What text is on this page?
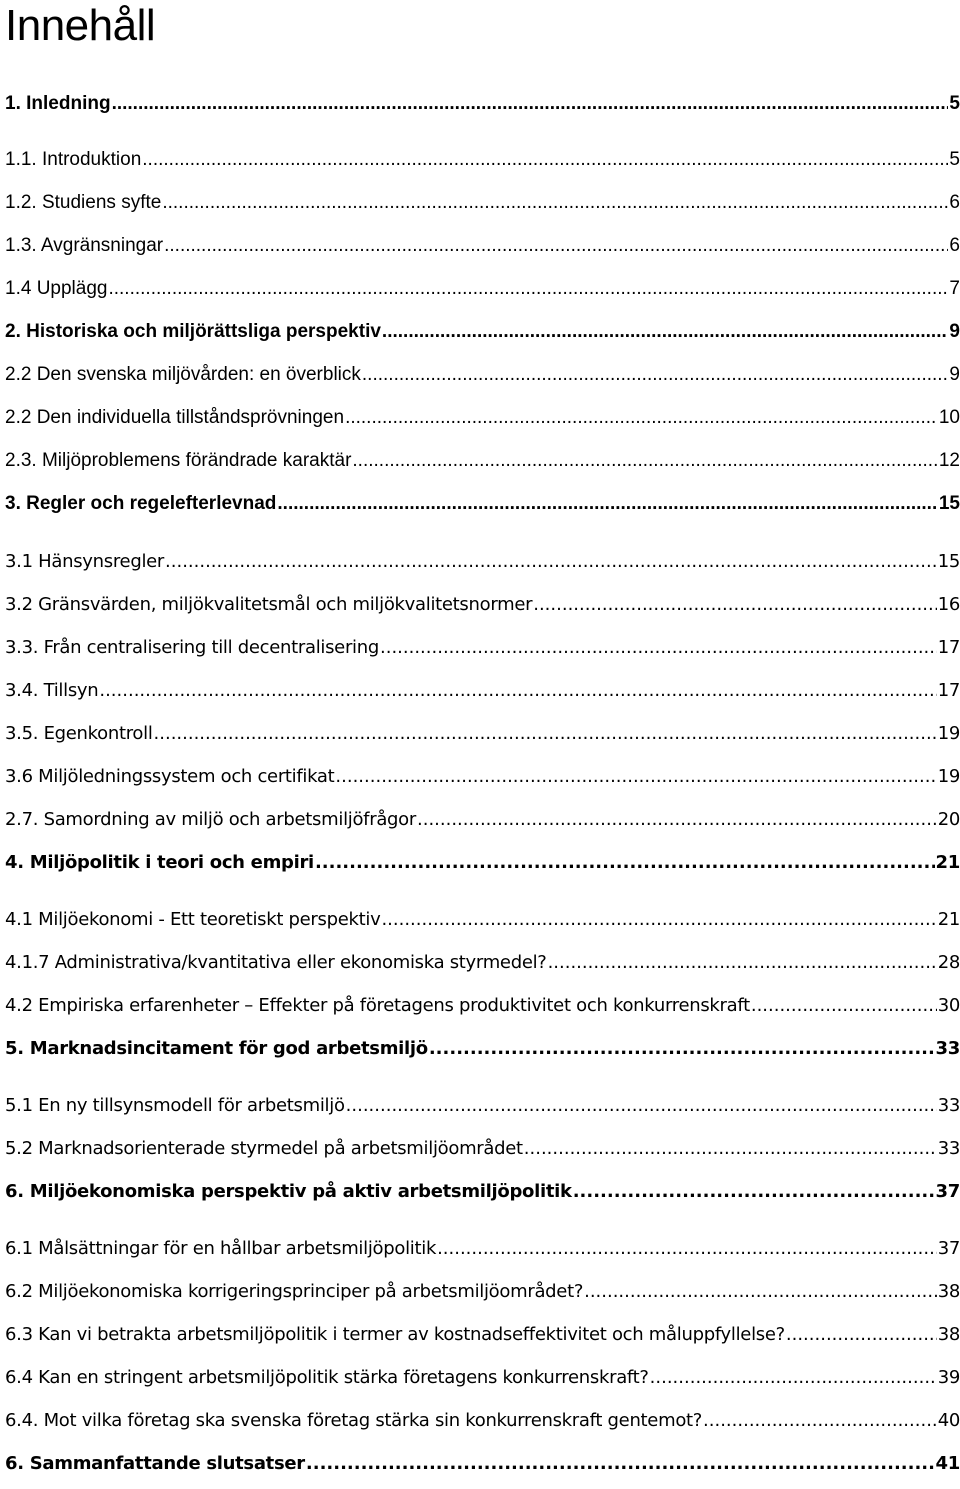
Innehåll
1. Inledning .....	5
1.1. Introduktion .....	5
1.2. Studiens syfte .....	6
1.3. Avgränsningar .....	6
1.4 Upplägg .....	7
2. Historiska och miljörättsliga perspektiv .....	9
2.2 Den svenska miljövården: en överblick .....	9
2.2 Den individuella tillståndsprövningen .....	10
2.3. Miljöproblemens förändrade karaktär .....	12
3. Regler och regelefterlevnad .....	15
3.1 Hänsynsregler .....	15
3.2 Gränsvärden, miljökvalitetsmål och miljökvalitetsnormer .....	16
3.3. Från centralisering till decentralisering .....	17
3.4. Tillsyn .....	17
3.5. Egenkontroll .....	19
3.6 Miljöledningssystem och certifikat .....	19
2.7. Samordning av miljö och arbetsmiljöfrågor .....	20
4. Miljöpolitik i teori och empiri .....	21
4.1 Miljöekonomi - Ett teoretiskt perspektiv .....	21
4.1.7 Administrativa/kvantitativa eller ekonomiska styrmedel? .....	28
4.2 Empiriska erfarenheter – Effekter på företagens produktivitet och konkurrenskraft .....	30
5. Marknadsincitament för god arbetsmiljö .....	33
5.1 En ny tillsynsmodell för arbetsmiljö .....	33
5.2 Marknadsorienterade styrmedel på arbetsmiljöområdet .....	33
6. Miljöekonomiska perspektiv på aktiv arbetsmiljöpolitik .....	37
6.1 Målsättningar för en hållbar arbetsmiljöpolitik .....	37
6.2 Miljöekonomiska korrigeringsprinciper på arbetsmiljöområdet? .....	38
6.3 Kan vi betrakta arbetsmiljöpolitik i termer av kostnadseffektivitet och måluppfyllelse? .....	38
6.4 Kan en stringent arbetsmiljöpolitik stärka företagens konkurrenskraft? .....	39
6.4. Mot vilka företag ska svenska företag stärka sin konkurrenskraft gentemot? .....	40
6. Sammanfattande slutsatser .....	41
